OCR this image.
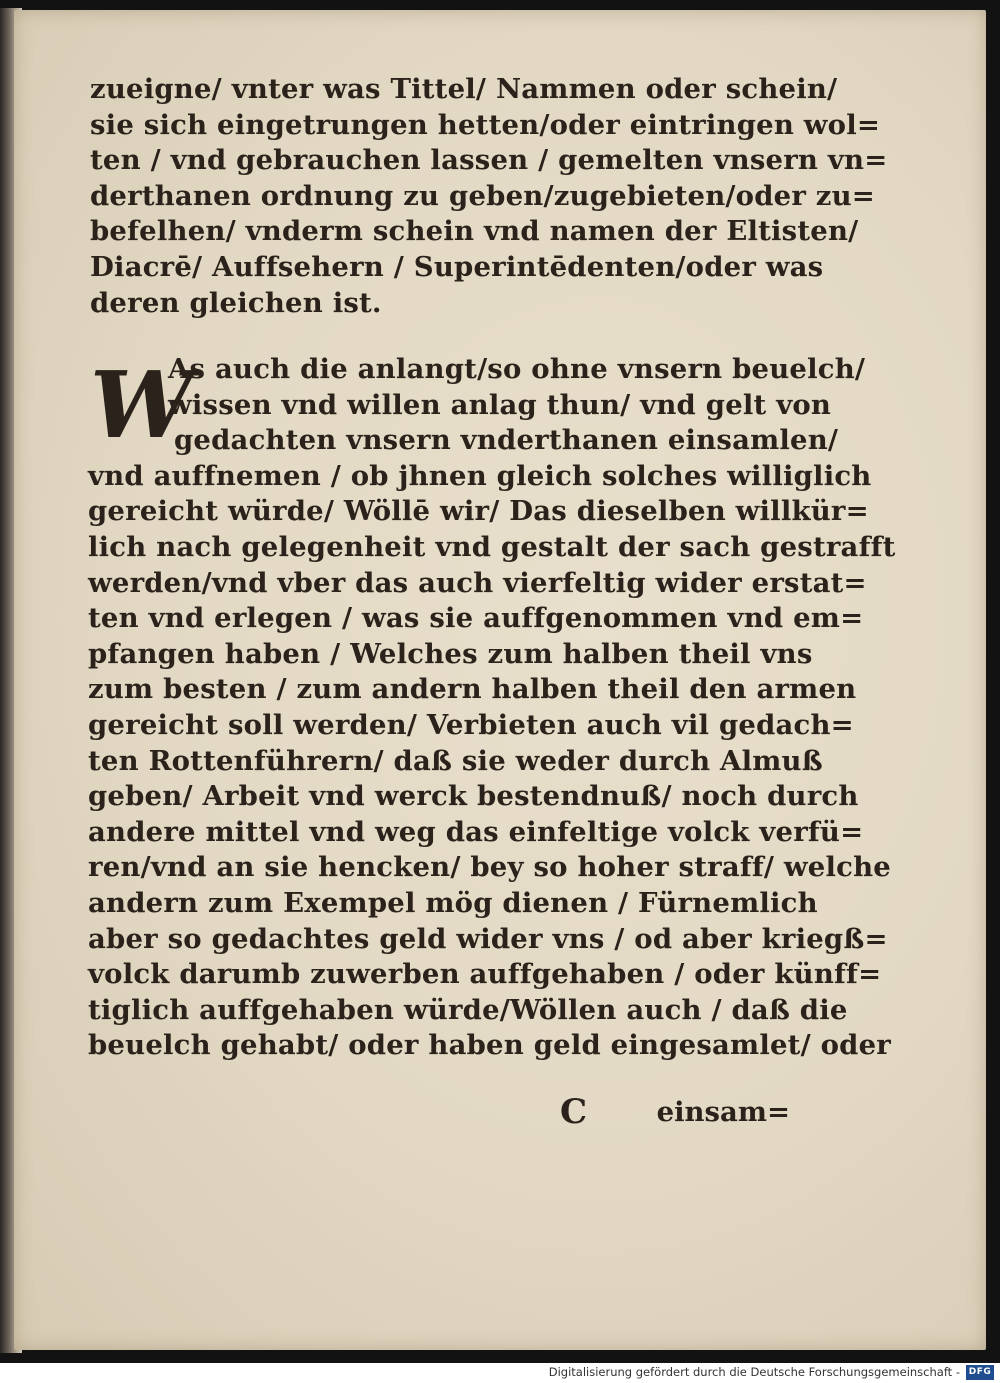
zueigne/ vnter was Tittel/ Nammen oder schein/
sie sich eingetrungen hetten/oder eintringen wol=
ten / vnd gebrauchen lassen / gemelten vnsern vn=
derthanen ordnung zu geben/zugebieten/oder zu=
befelhen/ vnderm schein vnd namen der Eltisten/
Diacrē/ Auffsehern / Superintēdenten/oder was
deren gleichen ist.
W
As auch die anlangt/so ohne vnsern beuelch/
wissen vnd willen anlag thun/ vnd gelt von
gedachten vnsern vnderthanen einsamlen/
vnd auffnemen / ob jhnen gleich solches williglich
gereicht würde/ Wöllē wir/ Das dieselben willkür=
lich nach gelegenheit vnd gestalt der sach gestrafft
werden/vnd vber das auch vierfeltig wider erstat=
ten vnd erlegen / was sie auffgenommen vnd em=
pfangen haben / Welches zum halben theil vns
zum besten / zum andern halben theil den armen
gereicht soll werden/ Verbieten auch vil gedach=
ten Rottenführern/ daß sie weder durch Almuß
geben/ Arbeit vnd werck bestendnuß/ noch durch
andere mittel vnd weg das einfeltige volck verfü=
ren/vnd an sie hencken/ bey so hoher straff/ welche
andern zum Exempel mög dienen / Fürnemlich
aber so gedachtes geld wider vns / od aber kriegß=
volck darumb zuwerben auffgehaben / oder künff=
tiglich auffgehaben würde/Wöllen auch / daß die
beuelch gehabt/ oder haben geld eingesamlet/ oder
C	einsam=
Digitalisierung gefördert durch die Deutsche Forschungsgemeinschaft - DFG
